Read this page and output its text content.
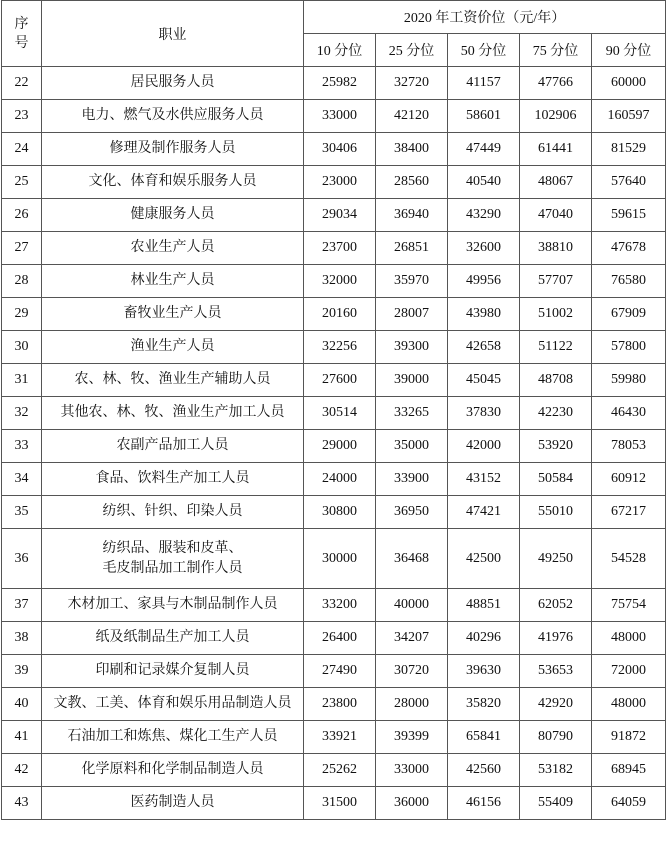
序
号	职业	2020 年工资价位（元/年）				
		10 分位	25 分位	50 分位	75 分位	90 分位
22	居民服务人员	25982	32720	41157	47766	60000
23	电力、燃气及水供应服务人员	33000	42120	58601	102906	160597
24	修理及制作服务人员	30406	38400	47449	61441	81529
25	文化、体育和娱乐服务人员	23000	28560	40540	48067	57640
26	健康服务人员	29034	36940	43290	47040	59615
27	农业生产人员	23700	26851	32600	38810	47678
28	林业生产人员	32000	35970	49956	57707	76580
29	畜牧业生产人员	20160	28007	43980	51002	67909
30	渔业生产人员	32256	39300	42658	51122	57800
31	农、林、牧、渔业生产辅助人员	27600	39000	45045	48708	59980
32	其他农、林、牧、渔业生产加工人员	30514	33265	37830	42230	46430
33	农副产品加工人员	29000	35000	42000	53920	78053
34	食品、饮料生产加工人员	24000	33900	43152	50584	60912
35	纺织、针织、印染人员	30800	36950	47421	55010	67217
36	纺织品、服装和皮革、
毛皮制品加工制作人员	30000	36468	42500	49250	54528
37	木材加工、家具与木制品制作人员	33200	40000	48851	62052	75754
38	纸及纸制品生产加工人员	26400	34207	40296	41976	48000
39	印刷和记录媒介复制人员	27490	30720	39630	53653	72000
40	文教、工美、体育和娱乐用品制造人员	23800	28000	35820	42920	48000
41	石油加工和炼焦、煤化工生产人员	33921	39399	65841	80790	91872
42	化学原料和化学制品制造人员	25262	33000	42560	53182	68945
43	医药制造人员	31500	36000	46156	55409	64059
